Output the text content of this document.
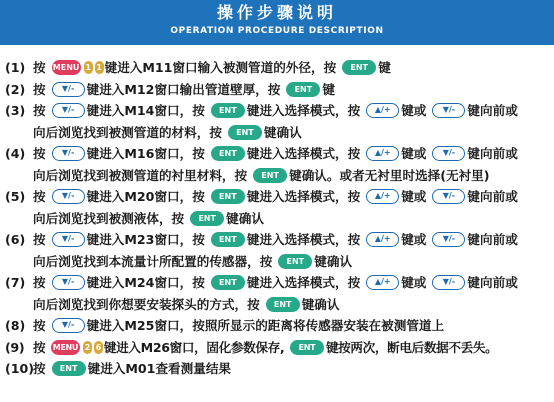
操作步骤说明
OPERATION PROCEDURE DESCRIPTION
(1) 按 MENU 1 1 键进入M11窗口输入被测管道的外径，按 ENT 键
(2) 按 ▼/- 键进入M12窗口输出管道壁厚，按 ENT 键
(3) 按 ▼/- 键进入M14窗口，按 ENT 键进入选择模式，按 ▲/+ 键或 ▼/- 键向前或
向后浏览找到被测管道的材料，按 ENT 键确认
(4) 按 ▼/- 键进入M16窗口，按 ENT 键进入选择模式，按 ▲/+ 键或 ▼/- 键向前或
向后浏览找到被测管道的衬里材料，按 ENT 键确认。或者无衬里时选择(无衬里)
(5) 按 ▼/- 键进入M20窗口，按 ENT 键进入选择模式，按 ▲/+ 键或 ▼/- 键向前或
向后浏览找到被测液体，按 ENT 键确认
(6) 按 ▼/- 键进入M23窗口，按 ENT 键进入选择模式，按 ▲/+ 键或 ▼/- 键向前或
向后浏览找到本流量计所配置的传感器，按 ENT 键确认
(7) 按 ▼/- 键进入M24窗口，按 ENT 键进入选择模式，按 ▲/+ 键或 ▼/- 键向前或
向后浏览找到你想要安装探头的方式，按 ENT 键确认
(8) 按 ▼/- 键进入M25窗口，按照所显示的距离将传感器安装在被测管道上
(9) 按 MENU 2 6 键进入M26窗口，固化参数保存, ENT 键按两次，断电后数据不丢失。
(10)按 ENT 键进入M01查看测量结果
